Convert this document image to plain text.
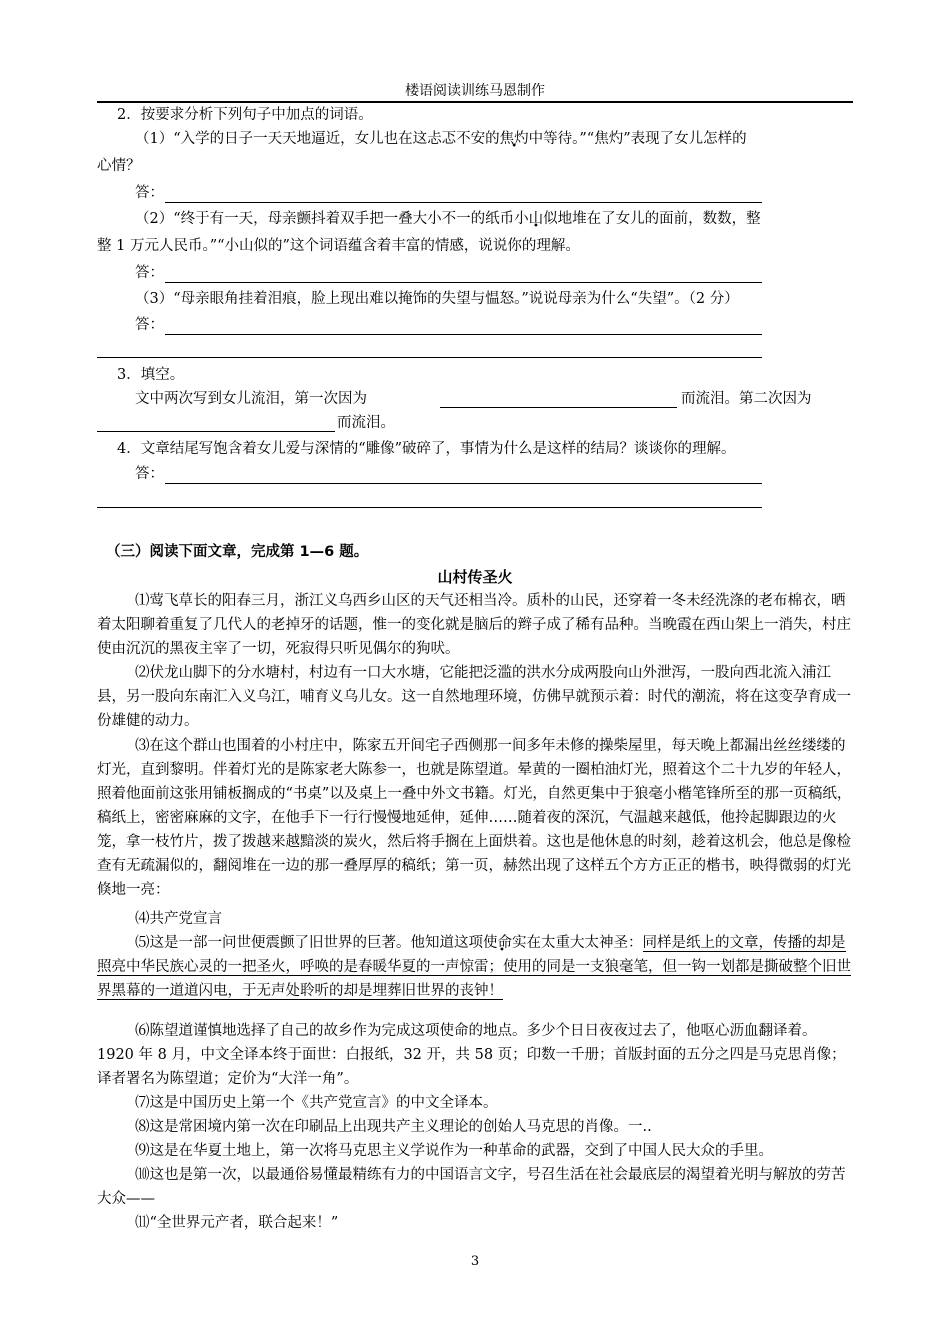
楼语阅读训练马恩制作
2．按要求分析下列句子中加点的词语。
（1）“入学的日子一天天地逼近，女儿也在这忐忑不安的焦灼中等待。”“焦灼”表现了女儿怎样的
心情？
答：
（2）“终于有一天，母亲颤抖着双手把一叠大小不一的纸币小山似地堆在了女儿的面前，数数，整
整 1 万元人民币。”“小山似的”这个词语蕴含着丰富的情感，说说你的理解。
答：
（3）“母亲眼角挂着泪痕，脸上现出难以掩饰的失望与愠怒。”说说母亲为什么“失望”。（2 分）
答：
3．填空。
文中两次写到女儿流泪，第一次因为	而流泪。第二次因为
而流泪。
4．文章结尾写饱含着女儿爱与深情的“雕像”破碎了，事情为什么是这样的结局？谈谈你的理解。
答：
（三）阅读下面文章，完成第 1—6 题。
山村传圣火
⑴莺飞草长的阳春三月，浙江义乌西乡山区的天气还相当冷。质朴的山民，还穿着一冬未经洗涤的老布棉衣，晒着太阳聊着重复了几代人的老掉牙的话题，惟一的变化就是脑后的辫子成了稀有品种。当晚霞在西山架上一消失，村庄使由沉沉的黑夜主宰了一切，死寂得只听见偶尔的狗吠。
⑵伏龙山脚下的分水塘村，村边有一口大水塘，它能把泛滥的洪水分成两股向山外泄泻，一股向西北流入浦江县，另一股向东南汇入义乌江，哺育义乌儿女。这一自然地理环境，仿佛早就预示着：时代的潮流，将在这变孕育成一份雄健的动力。
⑶在这个群山也围着的小村庄中，陈家五开间宅子西侧那一间多年未修的操柴屋里，每天晚上都漏出丝丝缕缕的灯光，直到黎明。伴着灯光的是陈家老大陈参一，也就是陈望道。晕黄的一圈柏油灯光，照着这个二十九岁的年轻人，照着他面前这张用铺板搁成的“书桌”以及桌上一叠中外文书籍。灯光，自然更集中于狼毫小楷笔锋所至的那一页稿纸，稿纸上，密密麻麻的文字，在他手下一行行慢慢地延伸，延伸……随着夜的深沉，气温越来越低，他拎起脚跟边的火笼，拿一枝竹片，拨了拨越来越黯淡的炭火，然后将手搁在上面烘着。这也是他休息的时刻，趁着这机会，他总是像检查有无疏漏似的，翻阅堆在一边的那一叠厚厚的稿纸；第一页，赫然出现了这样五个方方正正的楷书，映得微弱的灯光倏地一亮：
⑷共产党宣言
⑸这是一部一问世便震颤了旧世界的巨著。他知道这项使命实在太重大太神圣：同样是纸上的文章，传播的却是照亮中华民族心灵的一把圣火，呼唤的是春暖华夏的一声惊雷；使用的同是一支狼毫笔，但一钩一划都是撕破整个旧世界黑幕的一道道闪电，于无声处聆听的却是埋葬旧世界的丧钟！
⑹陈望道谨慎地选择了自己的故乡作为完成这项使命的地点。多少个日日夜夜过去了，他呕心沥血翻译着。1920 年 8 月，中文全译本终于面世：白报纸，32 开，共 58 页；印数一千册；首版封面的五分之四是马克思肖像；译者署名为陈望道；定价为“大洋一角”。
⑺这是中国历史上第一个《共产党宣言》的中文全译本。
⑻这是常困境内第一次在印刷品上出现共产主义理论的创始人马克思的肖像。一..
⑼这是在华夏土地上，第一次将马克思主义学说作为一种革命的武器，交到了中国人民大众的手里。
⑽这也是第一次，以最通俗易懂最精练有力的中国语言文字，号召生活在社会最底层的渴望着光明与解放的劳苦大众——
⑾“全世界元产者，联合起来！”
3
